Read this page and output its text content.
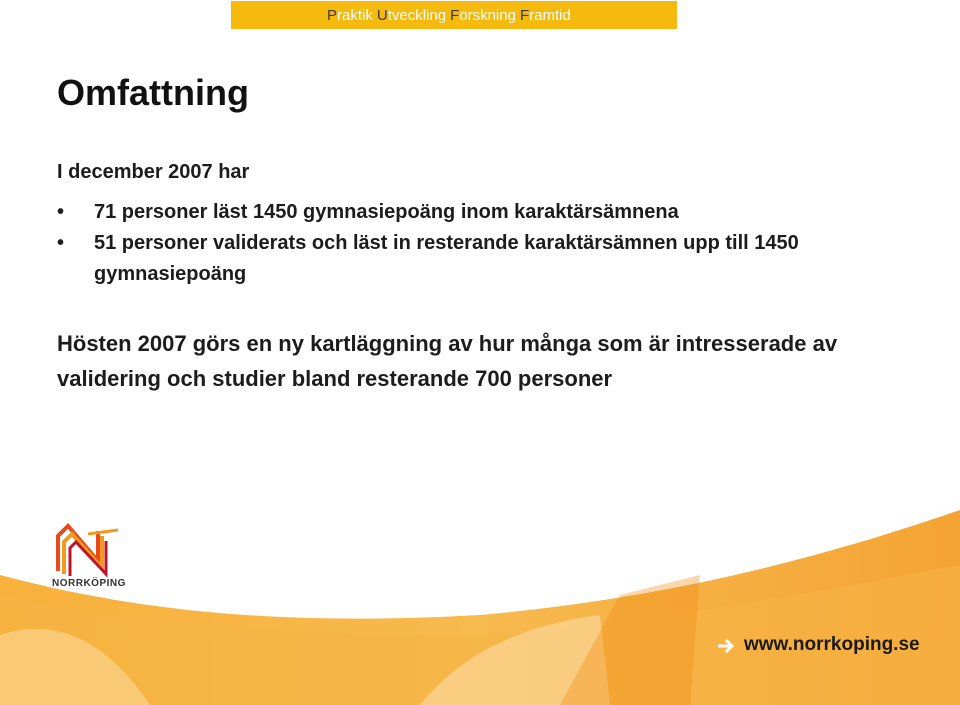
Praktik Utveckling Forskning Framtid
Omfattning
I december 2007 har
• 71 personer läst 1450 gymnasiepoäng inom karaktärsämnena
• 51 personer validerats och läst in resterande karaktärsämnen upp till 1450 gymnasiepoäng
Hösten 2007 görs en ny kartläggning av hur många som är intresserade av validering och studier bland resterande 700 personer
NORRKÖPING
www.norrkoping.se
